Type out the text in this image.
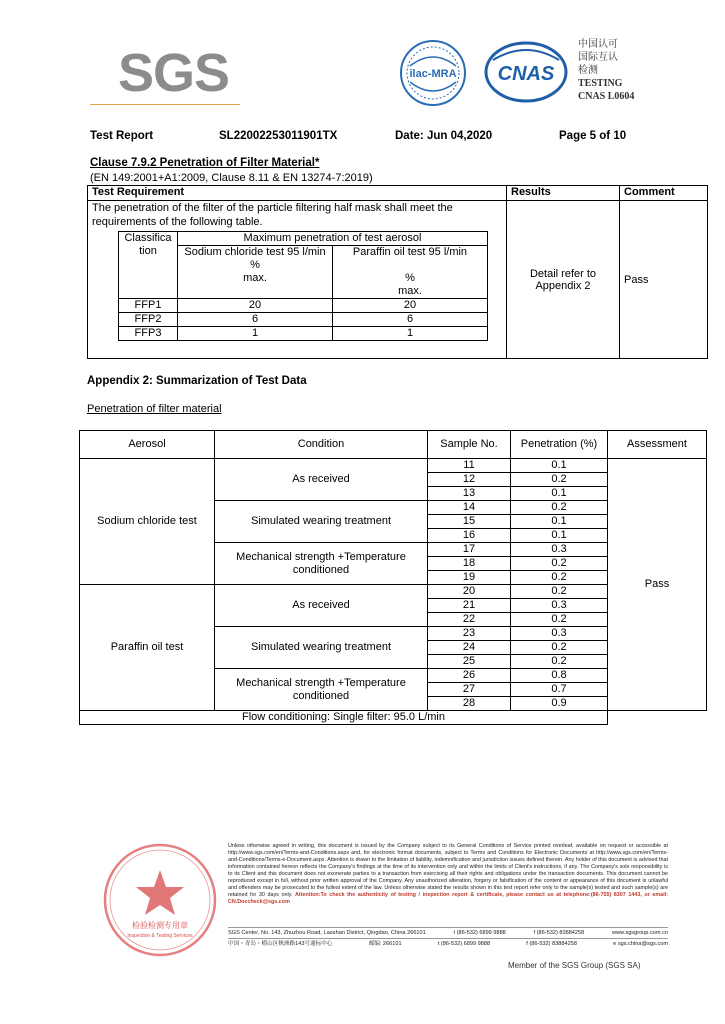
SGS	ilac-MRA CNAS
中国认可
国际互认
检测
TESTING
CNAS L0604
Test Report	SL22002253011901TX	Date: Jun 04,2020	Page 5 of 10
Clause 7.9.2 Penetration of Filter Material*
(EN 149:2001+A1:2009, Clause 8.11 & EN 13274-7:2019)
Test Requirement	Results	Comment

The penetration of the filter of the particle filtering half mask shall meet the requirements of the following table.
Classifica tion	Maximum penetration of test aerosol

Sodium chloride test 95 l/min
%
max.

Paraffin oil test 95 l/min

%
max.

FFP1	20	20
FFP2	6	6
FFP3	1	1
	Detail refer to Appendix 2	Pass
Appendix 2: Summarization of Test Data
Penetration of filter material
Aerosol	Condition	Sample No.	Penetration (%)	Assessment
Sodium chloride test	As received	11	0.1	Pass
		12	0.2	
		13	0.1	
	Simulated wearing treatment	14	0.2	
		15	0.1	
		16	0.1	
	Mechanical strength +Temperature conditioned	17	0.3	
		18	0.2	
		19	0.2	
Paraffin oil test	As received	20	0.2	
		21	0.3	
		22	0.2	
	Simulated wearing treatment	23	0.3	
		24	0.2	
		25	0.2	
	Mechanical strength +Temperature conditioned	26	0.8	
		27	0.7	
		28	0.9	
Flow conditioning: Single filter: 95.0 L/min				
检验检测专用章
Inspection & Testing Services
Unless otherwise agreed in writing, this document is issued by the Company subject to its General Conditions of Service printed overleaf, available on request or accessible at http://www.sgs.com/en/Terms-and-Conditions.aspx and, for electronic format documents, subject to Terms and Conditions for Electronic Documents at http://www.sgs.com/en/Terms-and-Conditions/Terms-e-Document.aspx. Attention is drawn to the limitation of liability, indemnification and jurisdiction issues defined therein. Any holder of this document is advised that information contained hereon reflects the Company's findings at the time of its intervention only and within the limits of Client's instructions, if any. The Company's sole responsibility is to its Client and this document does not exonerate parties to a transaction from exercising all their rights and obligations under the transaction documents. This document cannot be reproduced except in full, without prior written approval of the Company. Any unauthorized alteration, forgery or falsification of the content or appearance of this document is unlawful and offenders may be prosecuted to the fullest extent of the law. Unless otherwise stated the results shown in this test report refer only to the sample(s) tested and such sample(s) are retained for 30 days only. Attention:To check the authenticity of testing / inspection report & certificate, please contact us at telephone:(86-755) 8307 1443, or email: CN.Doccheck@sgs.com
SGS Center, No. 143, Zhuzhou Road, Laoshan District, Qingdao, China 266101	t (86-532) 6899 9888	f (86-532) 83884258	www.sgsgroup.com.cn
中国・青岛・崂山区株洲路143号通标中心	邮编: 266101	t (86-532) 6899 9888	f (86-532) 83884258	e sgs.china@sgs.com
Member of the SGS Group (SGS SA)
